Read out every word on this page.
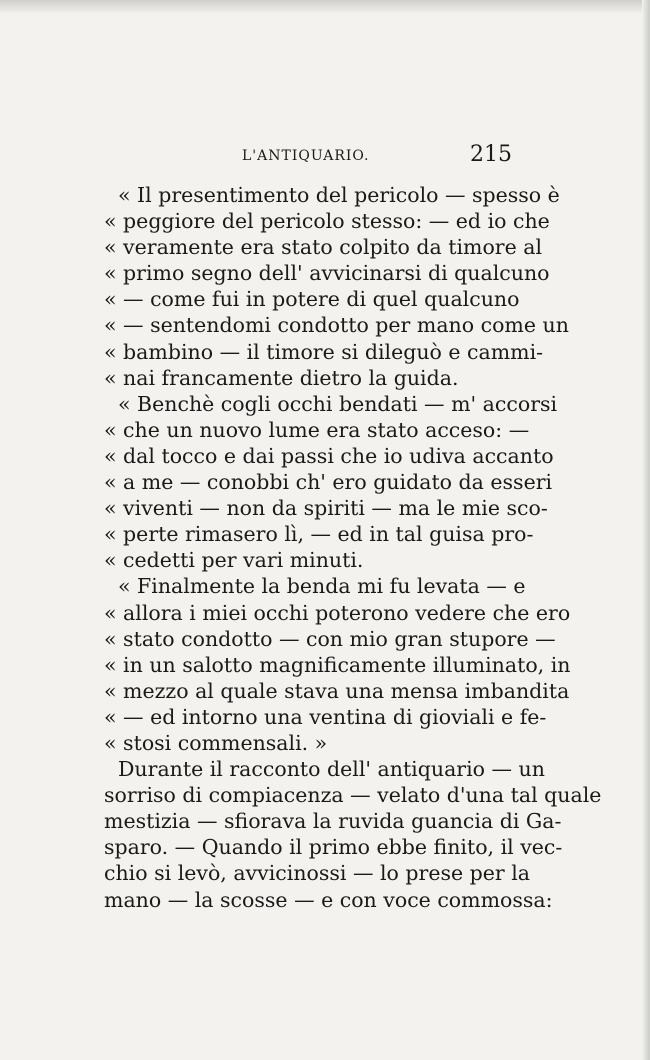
L'ANTIQUARIO.	215
« Il presentimento del pericolo — spesso è
« peggiore del pericolo stesso: — ed io che
« veramente era stato colpito da timore al
« primo segno dell' avvicinarsi di qualcuno
« — come fui in potere di quel qualcuno
« — sentendomi condotto per mano come un
« bambino — il timore si dileguò e cammi-
« nai francamente dietro la guida.
« Benchè cogli occhi bendati — m' accorsi
« che un nuovo lume era stato acceso: —
« dal tocco e dai passi che io udiva accanto
« a me — conobbi ch' ero guidato da esseri
« viventi — non da spiriti — ma le mie sco-
« perte rimasero lì, — ed in tal guisa pro-
« cedetti per vari minuti.
« Finalmente la benda mi fu levata — e
« allora i miei occhi poterono vedere che ero
« stato condotto — con mio gran stupore —
« in un salotto magnificamente illuminato, in
« mezzo al quale stava una mensa imbandita
« — ed intorno una ventina di gioviali e fe-
« stosi commensali. »
Durante il racconto dell' antiquario — un
sorriso di compiacenza — velato d'una tal quale
mestizia — sfiorava la ruvida guancia di Ga-
sparo. — Quando il primo ebbe finito, il vec-
chio si levò, avvicinossi — lo prese per la
mano — la scosse — e con voce commossa:
